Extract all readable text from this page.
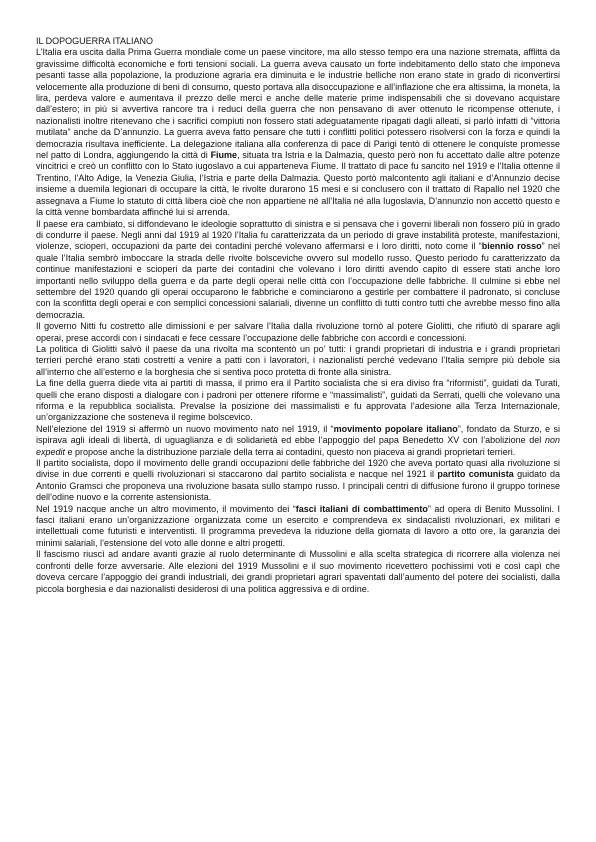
IL DOPOGUERRA ITALIANO

L’Italia era uscita dalla Prima Guerra mondiale come un paese vincitore, ma allo stesso tempo era una nazione stremata, afflitta da gravissime difficoltà economiche e forti tensioni sociali. La guerra aveva causato un forte indebitamento dello stato che imponeva pesanti tasse alla popolazione, la produzione agraria era diminuita e le industrie belliche non erano state in grado di riconvertirsi velocemente alla produzione di beni di consumo, questo portava alla disoccupazione e all’inflazione che era altissima, la moneta, la lira, perdeva valore e aumentava il prezzo delle merci e anche delle materie prime indispensabili che si dovevano acquistare dall’estero; in più si avvertiva rancore tra i reduci della guerra che non pensavano di aver ottenuto le ricompense ottenute, i nazionalisti inoltre ritenevano che i sacrifici compiuti non fossero stati adeguatamente ripagati dagli alleati, si parlò infatti di “vittoria mutilata” anche da D’annunzio. La guerra aveva fatto pensare che tutti i conflitti politici potessero risolversi con la forza e quindi la democrazia risultava inefficiente. La delegazione italiana alla conferenza di pace di Parigi tentò di ottenere le conquiste promesse nel patto di Londra, aggiungendo la città di Fiume, situata tra Istria e la Dalmazia, questo però non fu accettato dalle altre potenze vincitrici e creò un conflitto con lo Stato iugoslavo a cui apparteneva Fiume. Il trattato di pace fu sancito nel 1919 e l’Italia ottenne il Trentino, l’Alto Adige, la Venezia Giulia, l’Istria e parte della Dalmazia. Questo portò malcontento agli italiani e d’Annunzio decise insieme a duemila legionari di occupare la città, le rivolte durarono 15 mesi e si conclusero con il trattato di Rapallo nel 1920 che assegnava a Fiume lo statuto di città libera cioè che non appartiene né all’Italia né alla Iugoslavia, D’annunzio non accettò questo e la città venne bombardata affinché lui si arrenda.

Il paese era cambiato, si diffondevano le ideologie soprattutto di sinistra e si pensava che i governi liberali non fossero più in grado di condurre il paese. Negli anni dal 1919 al 1920 l’Italia fu caratterizzata da un periodo di grave instabilità proteste, manifestazioni, violenze, scioperi, occupazioni da parte dei contadini perché volevano affermarsi e i loro diritti, noto come il “biennio rosso” nel quale l’Italia sembrò imboccare la strada delle rivolte bolsceviche ovvero sul modello russo. Questo periodo fu caratterizzato da continue manifestazioni e scioperi da parte dei contadini che volevano i loro diritti avendo capito di essere stati anche loro importanti nello sviluppo della guerra e da parte degli operai nelle città con l’occupazione delle fabbriche. Il culmine si ebbe nel settembre del 1920 quando gli operai occuparono le fabbriche e cominciarono a gestirle per combattere il padronato, si concluse con la sconfitta degli operai e con semplici concessioni salariali, divenne un conflitto di tutti contro tutti che avrebbe messo fino alla democrazia.

Il governo Nitti fu costretto alle dimissioni e per salvare l’Italia dalla rivoluzione tornò al potere Giolitti, che rifiutò di sparare agli operai, prese accordi con i sindacati e fece cessare l’occupazione delle fabbriche con accordi e concessioni.

La politica di Giolitti salvò il paese da una rivolta ma scontentò un po’ tutti: i grandi proprietari di industria e i grandi proprietari terrieri perché erano stati costretti a venire a patti con i lavoratori, i nazionalisti perché vedevano l’Italia sempre più debole sia all’interno che all’esterno e la borghesia che si sentiva poco protetta di fronte alla sinistra.

La fine della guerra diede vita ai partiti di massa, il primo era il Partito socialista che si era diviso fra “riformisti”, guidati da Turati, quelli che erano disposti a dialogare con i padroni per ottenere riforme e “massimalisti”, guidati da Serrati, quelli che volevano una riforma e la repubblica socialista. Prevalse la posizione dei massimalisti e fu approvata l’adesione alla Terza Internazionale, un’organizzazione che sosteneva il regime bolscevico.

Nell’elezione del 1919 si affermò un nuovo movimento nato nel 1919, il “movimento popolare italiano”, fondato da Sturzo, e si ispirava agli ideali di libertà, di uguaglianza e di solidarietà ed ebbe l’appoggio del papa Benedetto XV con l’abolizione del non expedit e propose anche la distribuzione parziale della terra ai contadini, questo non piaceva ai grandi proprietari terrieri.

Il partito socialista, dopo il movimento delle grandi occupazioni delle fabbriche del 1920 che aveva portato quasi alla rivoluzione si divise in due correnti e quelli rivoluzionari si staccarono dal partito socialista e nacque nel 1921 il partito comunista guidato da Antonio Gramsci che proponeva una rivoluzione basata sullo stampo russo. I principali centri di diffusione furono il gruppo torinese dell’odine nuovo e la corrente astensionista.

Nel 1919 nacque anche un altro movimento, il movimento dei “fasci italiani di combattimento” ad opera di Benito Mussolini. I fasci italiani erano un’organizzazione organizzata come un esercito e comprendeva ex sindacalisti rivoluzionari, ex militari e intellettuali come futuristi e interventisti. Il programma prevedeva la riduzione della giornata di lavoro a otto ore, la garanzia dei minimi salariali, l’estensione del voto alle donne e altri progetti.

Il fascismo riuscì ad andare avanti grazie al ruolo determinante di Mussolini e alla scelta strategica di ricorrere alla violenza nei confronti delle forze avversarie. Alle elezioni del 1919 Mussolini e il suo movimento ricevettero pochissimi voti e così capì che doveva cercare l’appoggio dei grandi industriali, dei grandi proprietari agrari spaventati dall’aumento del potere dei socialisti, dalla piccola borghesia e dai nazionalisti desiderosi di una politica aggressiva e di ordine.
